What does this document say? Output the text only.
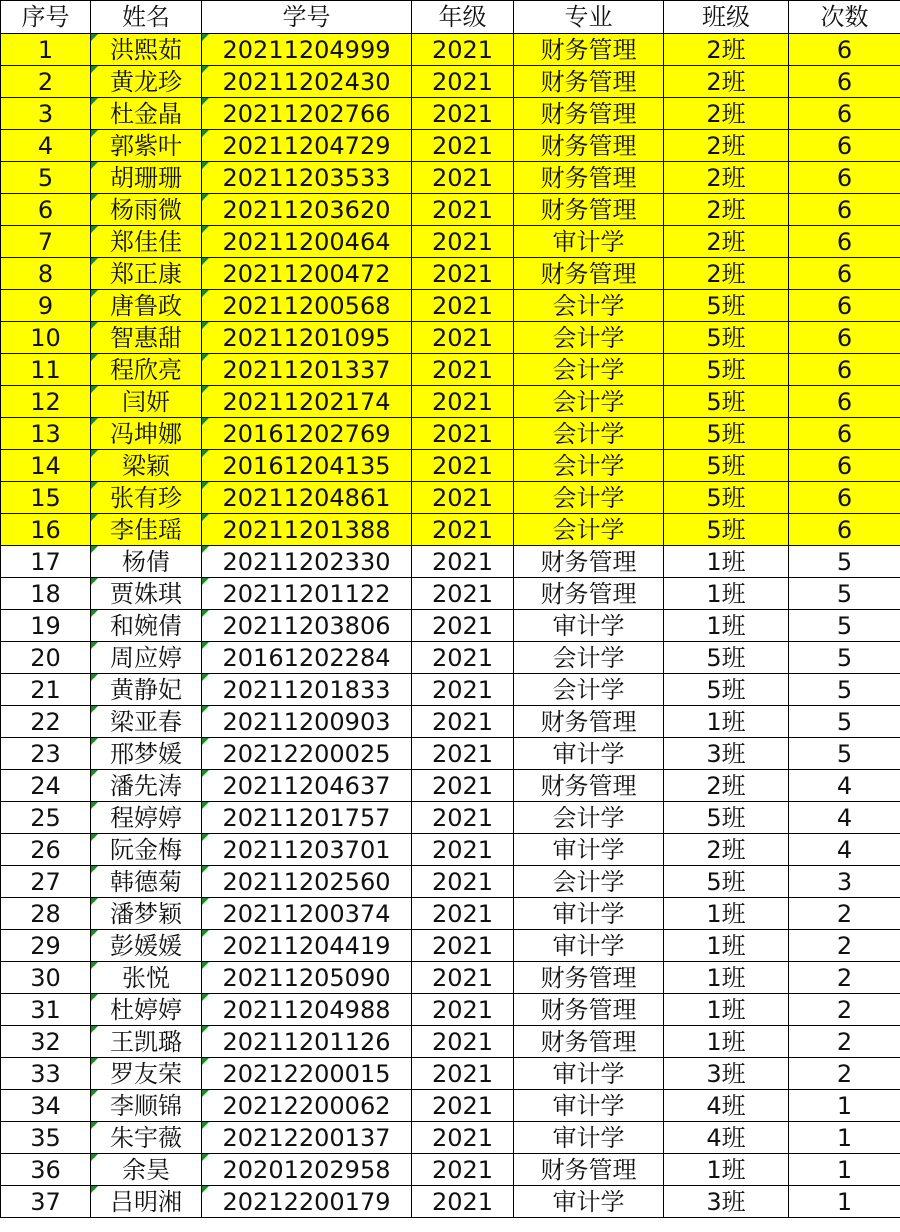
序号	姓名	学号	年级	专业	班级	次数
1	洪熙茹	20211204999	2021	财务管理	2班	6
2	黄龙珍	20211202430	2021	财务管理	2班	6
3	杜金晶	20211202766	2021	财务管理	2班	6
4	郭紫叶	20211204729	2021	财务管理	2班	6
5	胡珊珊	20211203533	2021	财务管理	2班	6
6	杨雨微	20211203620	2021	财务管理	2班	6
7	郑佳佳	20211200464	2021	审计学	2班	6
8	郑正康	20211200472	2021	财务管理	2班	6
9	唐鲁政	20211200568	2021	会计学	5班	6
10	智惠甜	20211201095	2021	会计学	5班	6
11	程欣亮	20211201337	2021	会计学	5班	6
12	闫妍	20211202174	2021	会计学	5班	6
13	冯坤娜	20161202769	2021	会计学	5班	6
14	梁颖	20161204135	2021	会计学	5班	6
15	张有珍	20211204861	2021	会计学	5班	6
16	李佳瑶	20211201388	2021	会计学	5班	6
17	杨倩	20211202330	2021	财务管理	1班	5
18	贾姝琪	20211201122	2021	财务管理	1班	5
19	和婉倩	20211203806	2021	审计学	1班	5
20	周应婷	20161202284	2021	会计学	5班	5
21	黄静妃	20211201833	2021	会计学	5班	5
22	梁亚春	20211200903	2021	财务管理	1班	5
23	邢梦媛	20212200025	2021	审计学	3班	5
24	潘先涛	20211204637	2021	财务管理	2班	4
25	程婷婷	20211201757	2021	会计学	5班	4
26	阮金梅	20211203701	2021	审计学	2班	4
27	韩德菊	20211202560	2021	会计学	5班	3
28	潘梦颖	20211200374	2021	审计学	1班	2
29	彭媛媛	20211204419	2021	审计学	1班	2
30	张悦	20211205090	2021	财务管理	1班	2
31	杜婷婷	20211204988	2021	财务管理	1班	2
32	王凯璐	20211201126	2021	财务管理	1班	2
33	罗友荣	20212200015	2021	审计学	3班	2
34	李顺锦	20212200062	2021	审计学	4班	1
35	朱宇薇	20212200137	2021	审计学	4班	1
36	余昊	20201202958	2021	财务管理	1班	1
37	吕明湘	20212200179	2021	审计学	3班	1
